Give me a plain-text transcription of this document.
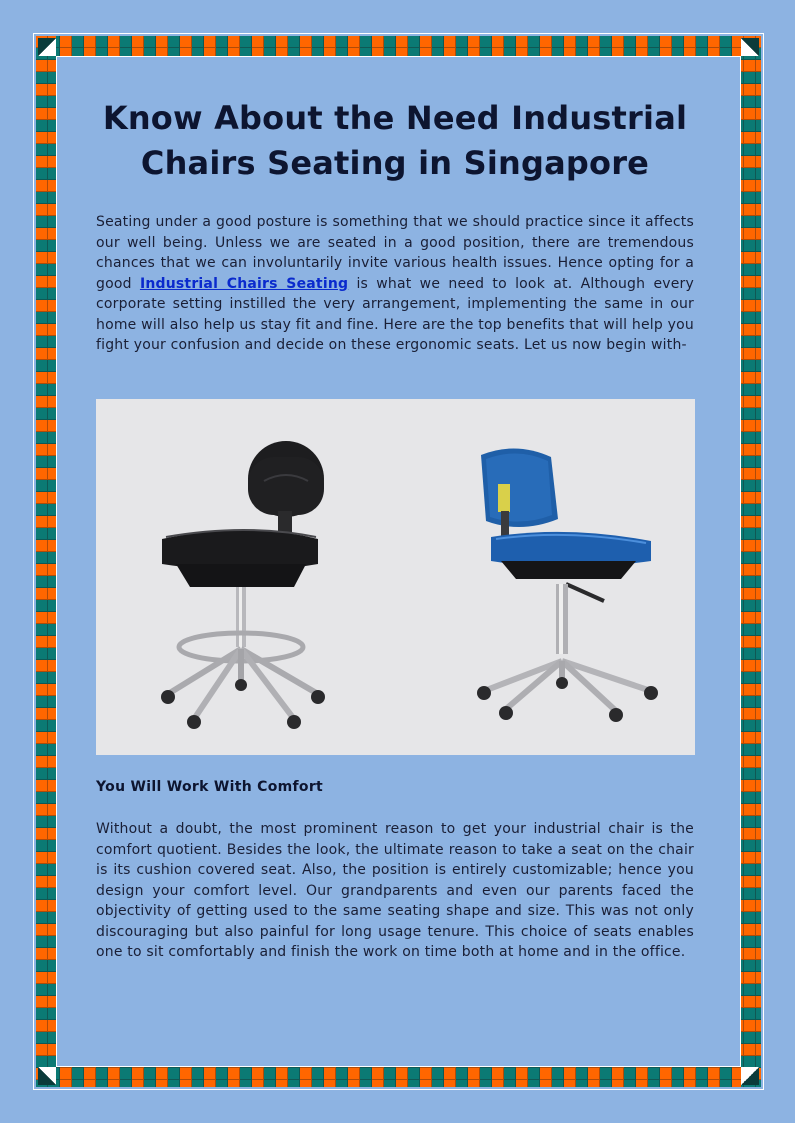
Know About the Need Industrial
Chairs Seating in Singapore

Seating under a good posture is something that we should practice since it affects our well being. Unless we are seated in a good position, there are tremendous chances that we can involuntarily invite various health issues. Hence opting for a good Industrial Chairs Seating is what we need to look at. Although every corporate setting instilled the very arrangement, implementing the same in our home will also help us stay fit and fine. Here are the top benefits that will help you fight your confusion and decide on these ergonomic seats. Let us now begin with-

You Will Work With Comfort

Without a doubt, the most prominent reason to get your industrial chair is the comfort quotient. Besides the look, the ultimate reason to take a seat on the chair is its cushion covered seat. Also, the position is entirely customizable; hence you design your comfort level. Our grandparents and even our parents faced the objectivity of getting used to the same seating shape and size. This was not only discouraging but also painful for long usage tenure. This choice of seats enables one to sit comfortably and finish the work on time both at home and in the office.
